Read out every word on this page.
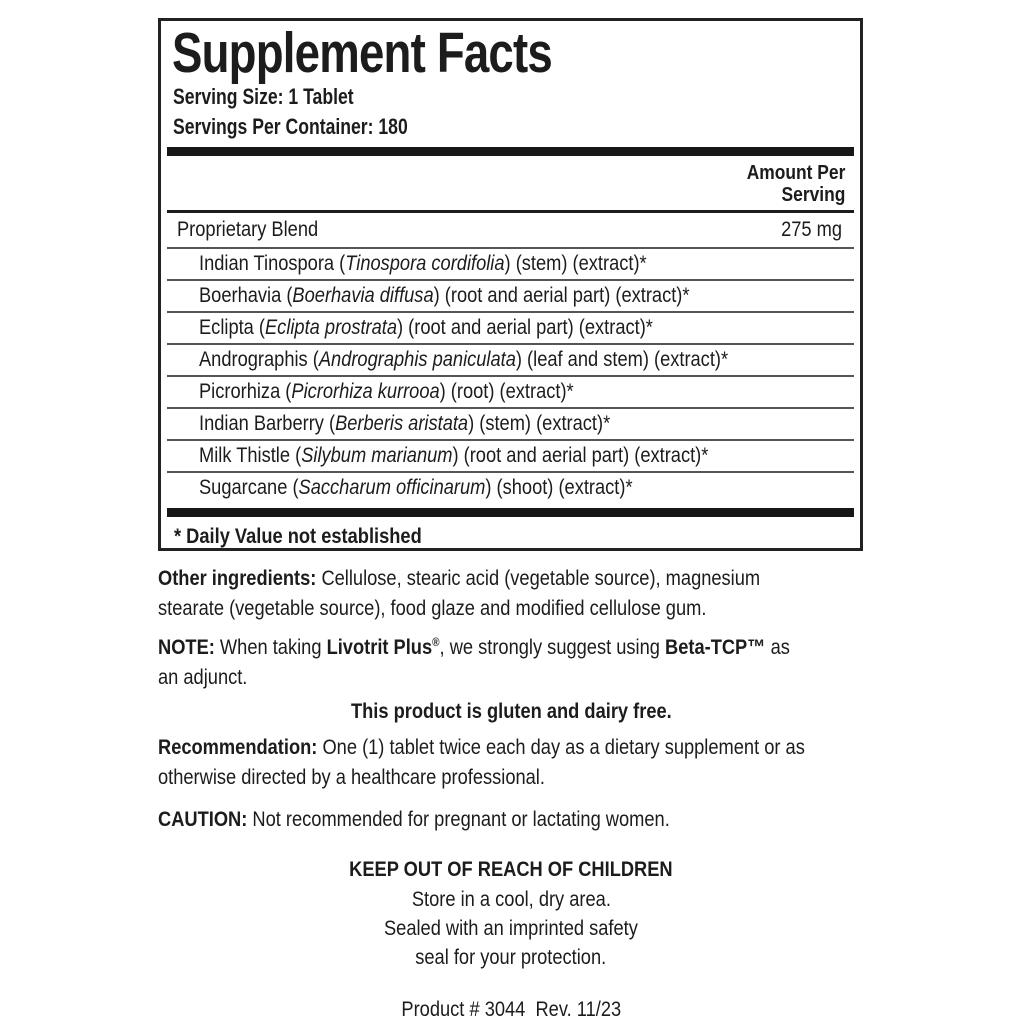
Supplement Facts
Serving Size: 1 Tablet
Servings Per Container: 180
Amount Per
Serving
Proprietary Blend	275 mg
Indian Tinospora (Tinospora cordifolia) (stem) (extract)*
Boerhavia (Boerhavia diffusa) (root and aerial part) (extract)*
Eclipta (Eclipta prostrata) (root and aerial part) (extract)*
Andrographis (Andrographis paniculata) (leaf and stem) (extract)*
Picrorhiza (Picrorhiza kurrooa) (root) (extract)*
Indian Barberry (Berberis aristata) (stem) (extract)*
Milk Thistle (Silybum marianum) (root and aerial part) (extract)*
Sugarcane (Saccharum officinarum) (shoot) (extract)*
* Daily Value not established

Other ingredients: Cellulose, stearic acid (vegetable source), magnesium
stearate (vegetable source), food glaze and modified cellulose gum.

NOTE: When taking Livotrit Plus®, we strongly suggest using Beta-TCP™ as
an adjunct.

This product is gluten and dairy free.

Recommendation: One (1) tablet twice each day as a dietary supplement or as
otherwise directed by a healthcare professional.

CAUTION: Not recommended for pregnant or lactating women.

KEEP OUT OF REACH OF CHILDREN

Store in a cool, dry area.
Sealed with an imprinted safety
seal for your protection.

Product # 3044  Rev. 11/23
